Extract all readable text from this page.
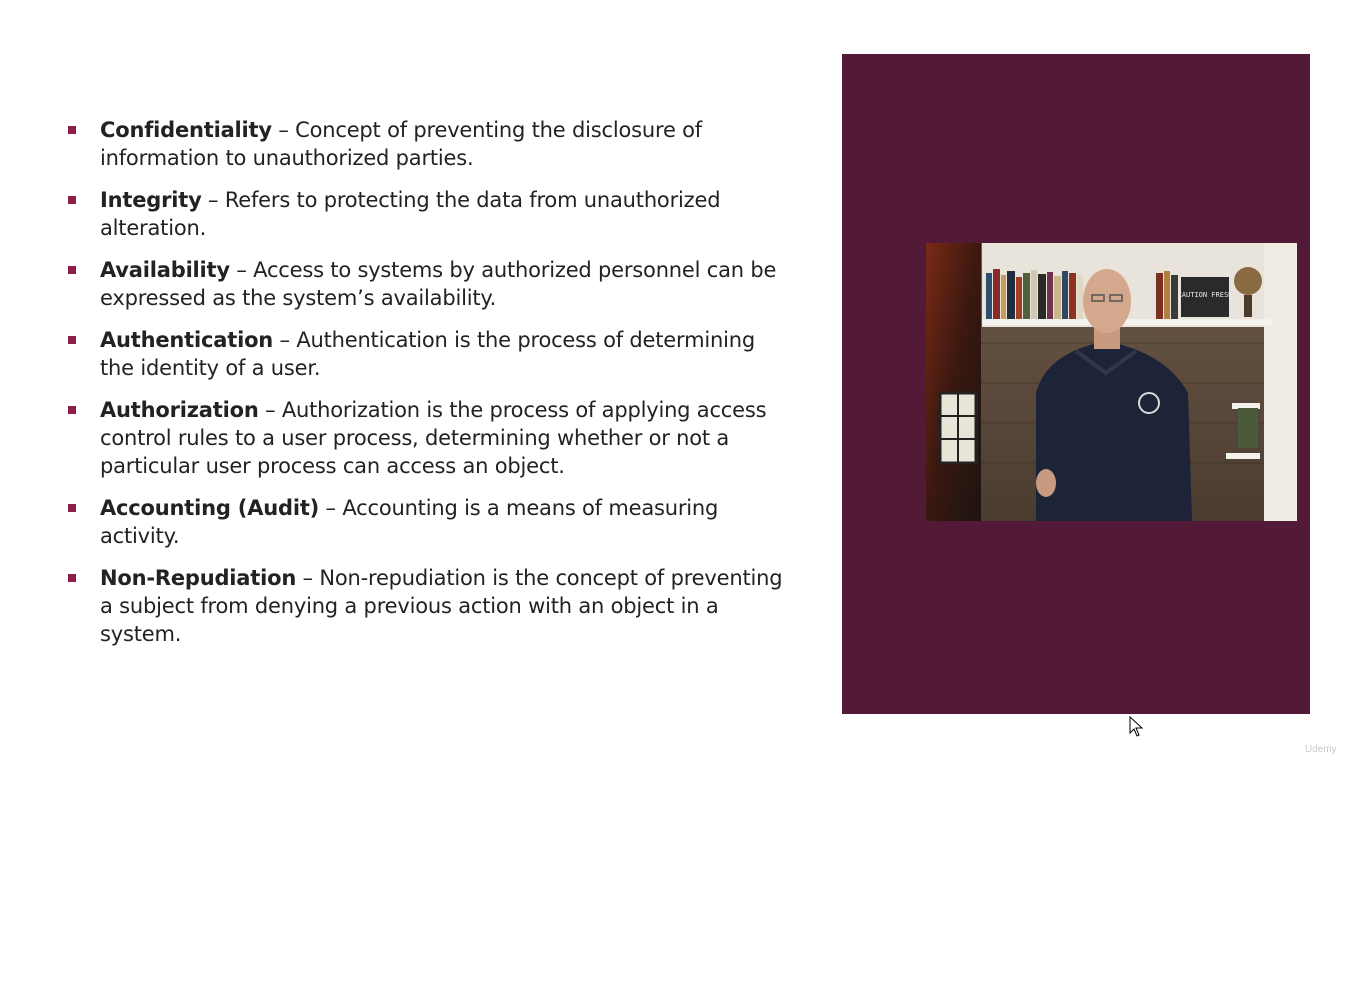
Confidentiality – Concept of preventing the disclosure of information to unauthorized parties.
Integrity – Refers to protecting the data from unauthorized alteration.
Availability – Access to systems by authorized personnel can be expressed as the system’s availability.
Authentication – Authentication is the process of determining the identity of a user.
Authorization – Authorization is the process of applying access control rules to a user process, determining whether or not a particular user process can access an object.
Accounting (Audit) – Accounting is a means of measuring activity.
Non-Repudiation – Non-repudiation is the concept of preventing a subject from denying a previous action with an object in a system.
CAUTION FRESH
Udemy
